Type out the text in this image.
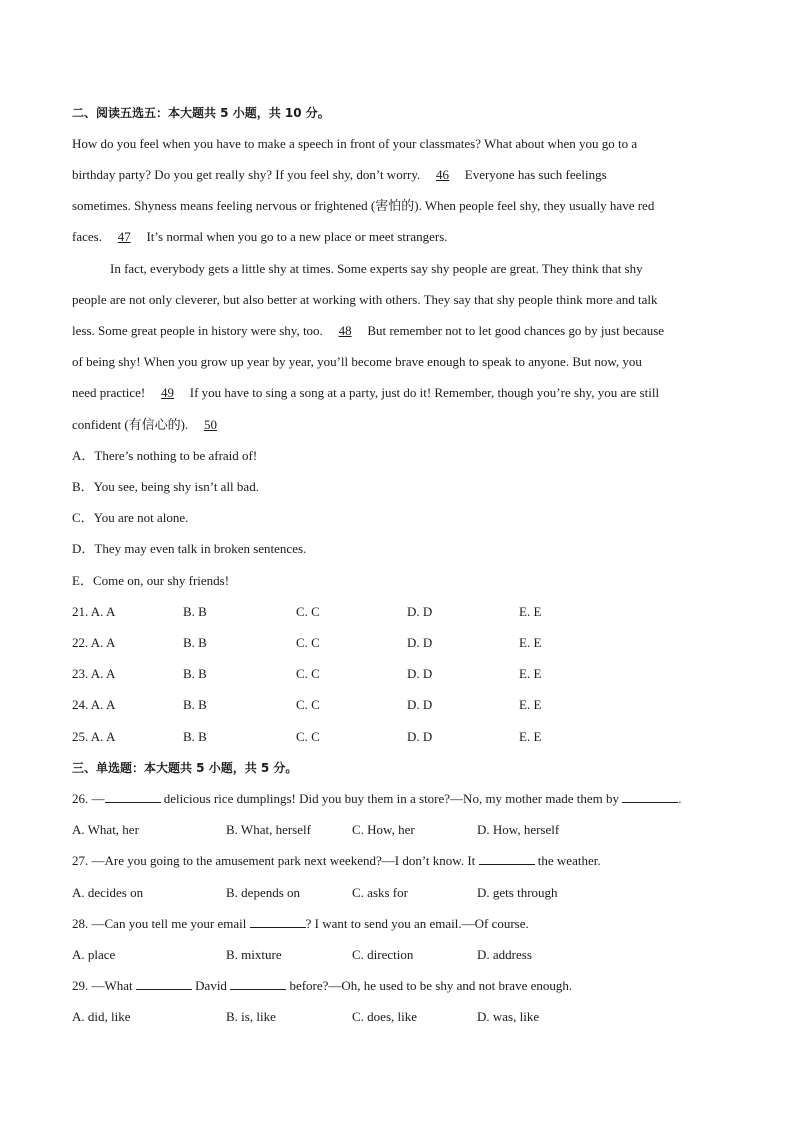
二、阅读五选五：本大题共 5 小题，共 10 分。
How do you feel when you have to make a speech in front of your classmates? What about when you go to a
birthday party? Do you get really shy? If you feel shy, don’t worry. 46 Everyone has such feelings
sometimes. Shyness means feeling nervous or frightened (害怕的). When people feel shy, they usually have red
faces. 47 It’s normal when you go to a new place or meet strangers.
In fact, everybody gets a little shy at times. Some experts say shy people are great. They think that shy
people are not only cleverer, but also better at working with others. They say that shy people think more and talk
less. Some great people in history were shy, too. 48 But remember not to let good chances go by just because
of being shy! When you grow up year by year, you’ll become brave enough to speak to anyone. But now, you
need practice! 49 If you have to sing a song at a party, just do it! Remember, though you’re shy, you are still
confident (有信心的). 50
A．There’s nothing to be afraid of!
B．You see, being shy isn’t all bad.
C．You are not alone.
D．They may even talk in broken sentences.
E．Come on, our shy friends!
21. A. A	B. B	C. C	D. D	E. E
22. A. A	B. B	C. C	D. D	E. E
23. A. A	B. B	C. C	D. D	E. E
24. A. A	B. B	C. C	D. D	E. E
25. A. A	B. B	C. C	D. D	E. E
三、单选题：本大题共 5 小题，共 5 分。
26. —	delicious rice dumplings! Did you buy them in a store?—No, my mother made them by	.
A. What, her	B. What, herself	C. How, her	D. How, herself
27. —Are you going to the amusement park next weekend?—I don’t know. It	the weather.
A. decides on	B. depends on	C. asks for	D. gets through
28. —Can you tell me your email	? I want to send you an email.—Of course.
A. place	B. mixture	C. direction	D. address
29. —What	David	before?—Oh, he used to be shy and not brave enough.
A. did, like	B. is, like	C. does, like	D. was, like
